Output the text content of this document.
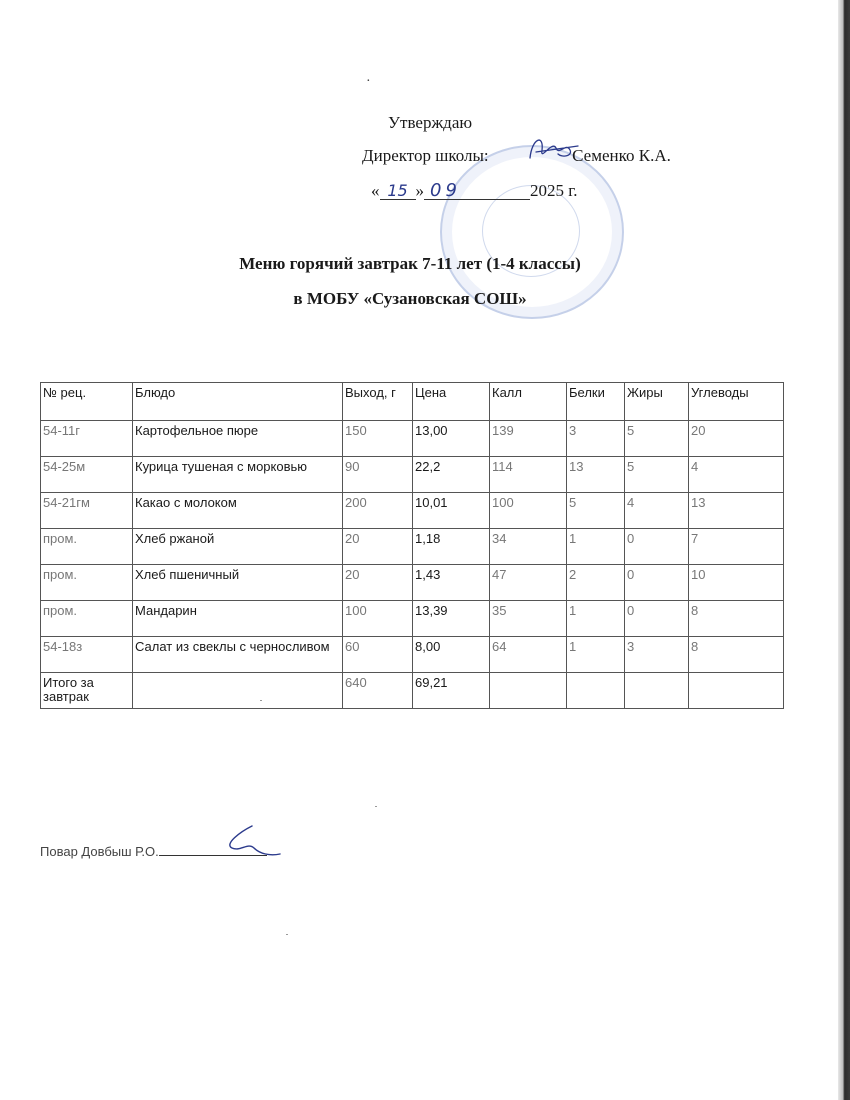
·
Утверждаю
Директор школы:	Семенко К.А.
« 15 » 09	2025 г.
Меню горячий завтрак 7-11 лет (1-4 классы)
в МОБУ «Сузановская СОШ»
№ рец.	Блюдо	Выход, г	Цена	Калл	Белки	Жиры	Углеводы
54-11г	Картофельное пюре	150	13,00	139	3	5	20
54-25м	Курица тушеная с морковью	90	22,2	114	13	5	4
54-21гм	Какао с молоком	200	10,01	100	5	4	13
пром.	Хлеб ржаной	20	1,18	34	1	0	7
пром.	Хлеб пшеничный	20	1,43	47	2	0	10
пром.	Мандарин	100	13,39	35	1	0	8
54-18з	Салат из свеклы с черносливом	60	8,00	64	1	3	8
Итого за завтрак		640	69,21				
Повар Довбыш Р.О.
